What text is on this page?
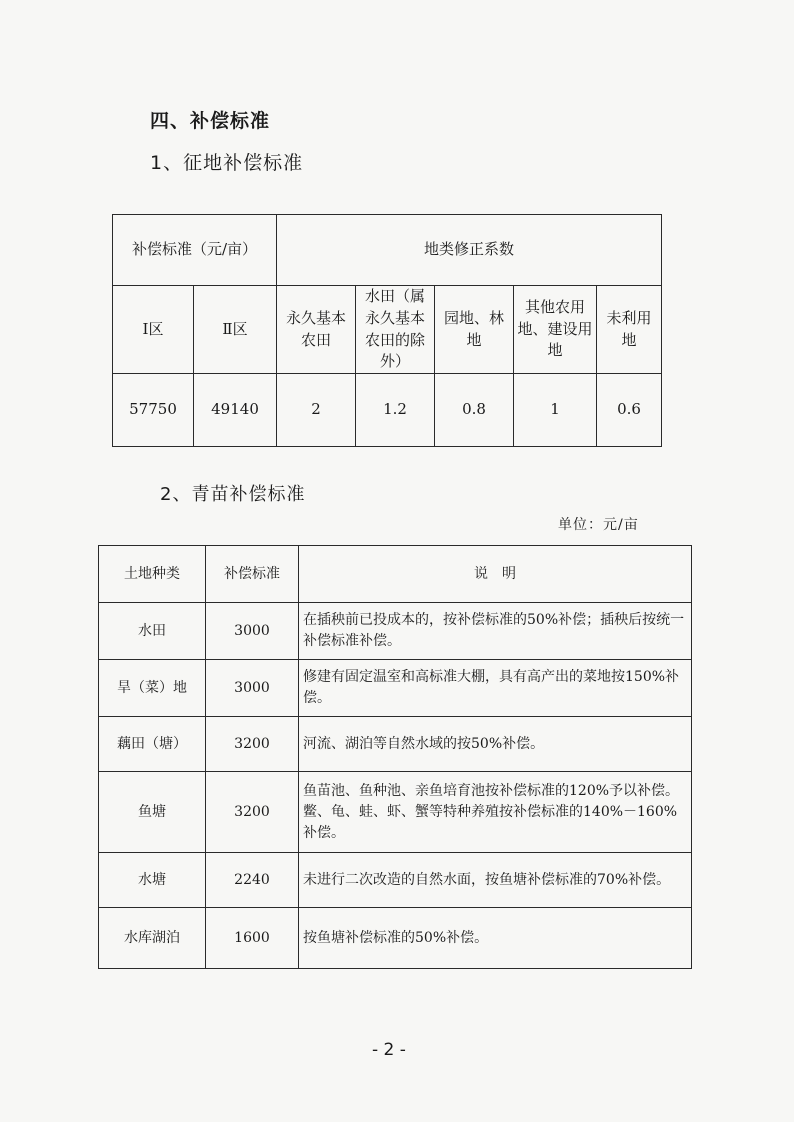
四、补偿标准
1、征地补偿标准
补偿标准（元/亩）		地类修正系数				
Ⅰ区	Ⅱ区	永久基本农田	水田（属永久基本农田的除外）	园地、林地	其他农用地、建设用地	未利用地
57750	49140	2	1.2	0.8	1	0.6
2、青苗补偿标准
单位：元/亩
土地种类	补偿标准	说　明
水田	3000	在插秧前已投成本的，按补偿标准的50%补偿；插秧后按统一补偿标准补偿。
旱（菜）地	3000	修建有固定温室和高标准大棚，具有高产出的菜地按150%补偿。
藕田（塘）	3200	河流、湖泊等自然水域的按50%补偿。
鱼塘	3200	鱼苗池、鱼种池、亲鱼培育池按补偿标准的120%予以补偿。鳖、龟、蛙、虾、蟹等特种养殖按补偿标准的140%－160%补偿。
水塘	2240	未进行二次改造的自然水面，按鱼塘补偿标准的70%补偿。
水库湖泊	1600	按鱼塘补偿标准的50%补偿。
- 2 -
